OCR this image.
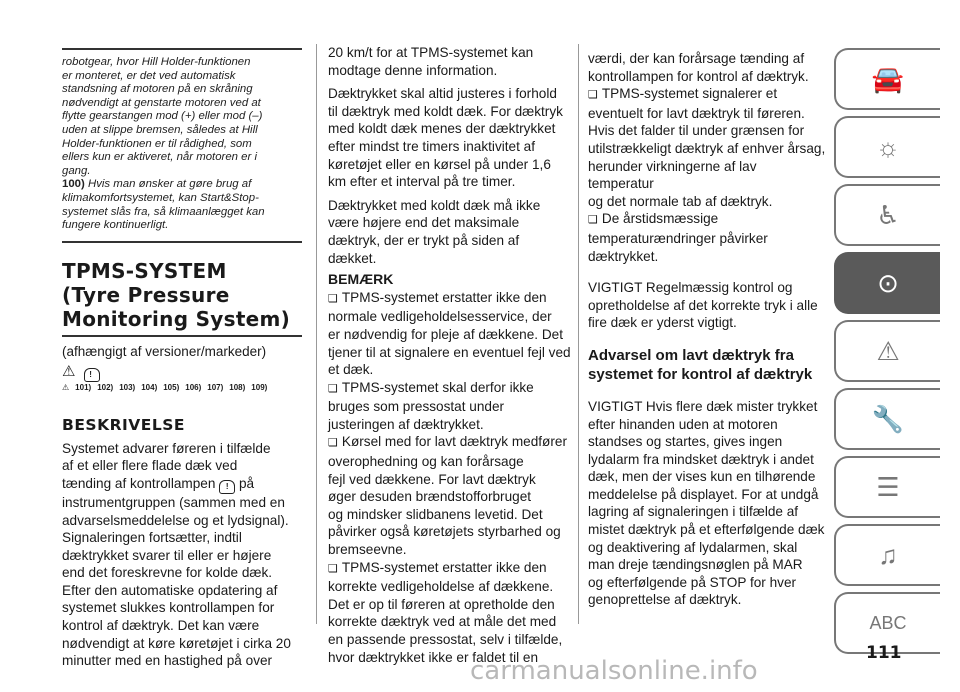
robotgear, hvor Hill Holder-funktionen

er monteret, er det ved automatisk

standsning af motoren på en skråning

nødvendigt at genstarte motoren ved at

flytte gearstangen mod (+) eller mod (–)

uden at slippe bremsen, således at Hill

Holder-funktionen er til rådighed, som

ellers kun er aktiveret, når motoren er i

gang.

100) Hvis man ønsker at gøre brug af

klimakomfortsystemet, kan Start&Stop-

systemet slås fra, så klimaanlægget kan

fungere kontinuerligt.

TPMS-SYSTEM
(Tyre Pressure
Monitoring System)
(afhængigt af versioner/markeder)
⚠ !
⚠ 101) 102) 103) 104) 105) 106) 107) 108) 109)
BESKRIVELSE
Systemet advarer føreren i tilfælde
af et eller flere flade dæk ved
tænding af kontrollampen ! på
instrumentgruppen (sammen med en
advarselsmeddelelse og et lydsignal).
Signaleringen fortsætter, indtil
dæktrykket svarer til eller er højere
end det foreskrevne for kolde dæk.
Efter den automatiske opdatering af
systemet slukkes kontrollampen for
kontrol af dæktryk. Det kan være
nødvendigt at køre køretøjet i cirka 20
minutter med en hastighed på over
20 km/t for at TPMS-systemet kan
modtage denne information.
Dæktrykket skal altid justeres i forhold
til dæktryk med koldt dæk. For dæktryk
med koldt dæk menes der dæktrykket
efter mindst tre timers inaktivitet af
køretøjet eller en kørsel på under 1,6
km efter et interval på tre timer.
Dæktrykket med koldt dæk må ikke
være højere end det maksimale
dæktryk, der er trykt på siden af
dækket.
BEMÆRK
❑ TPMS-systemet erstatter ikke den
normale vedligeholdelsesservice, der
er nødvendig for pleje af dækkene. Det
tjener til at signalere en eventuel fejl ved
et dæk.
❑ TPMS-systemet skal derfor ikke
bruges som pressostat under
justeringen af dæktrykket.
❑ Kørsel med for lavt dæktryk medfører
overophedning og kan forårsage
fejl ved dækkene. For lavt dæktryk
øger desuden brændstofforbruget
og mindsker slidbanens levetid. Det
påvirker også køretøjets styrbarhed og
bremseevne.
❑ TPMS-systemet erstatter ikke den
korrekte vedligeholdelse af dækkene.
Det er op til føreren at opretholde den
korrekte dæktryk ved at måle det med
en passende pressostat, selv i tilfælde,
hvor dæktrykket ikke er faldet til en
værdi, der kan forårsage tænding af
kontrollampen for kontrol af dæktryk.
❑ TPMS-systemet signalerer et
eventuelt for lavt dæktryk til føreren.
Hvis det falder til under grænsen for
utilstrækkeligt dæktryk af enhver årsag,
herunder virkningerne af lav temperatur
og det normale tab af dæktryk.
❑ De årstidsmæssige
temperaturændringer påvirker
dæktrykket.
VIGTIGT Regelmæssig kontrol og
opretholdelse af det korrekte tryk i alle
fire dæk er yderst vigtigt.
Advarsel om lavt dæktryk fra
systemet for kontrol af dæktryk
VIGTIGT Hvis flere dæk mister trykket
efter hinanden uden at motoren
standses og startes, gives ingen
lydalarm fra mindsket dæktryk i andet
dæk, men der vises kun en tilhørende
meddelelse på displayet. For at undgå
lagring af signaleringen i tilfælde af
mistet dæktryk på et efterfølgende dæk
og deaktivering af lydalarmen, skal
man dreje tændingsnøglen på MAR
og efterfølgende på STOP for hver
genoprettelse af dæktryk.
🚘
☼
♿
⊙
⚠
🔧
☰
♫
ABC
111
carmanualsonline.info
